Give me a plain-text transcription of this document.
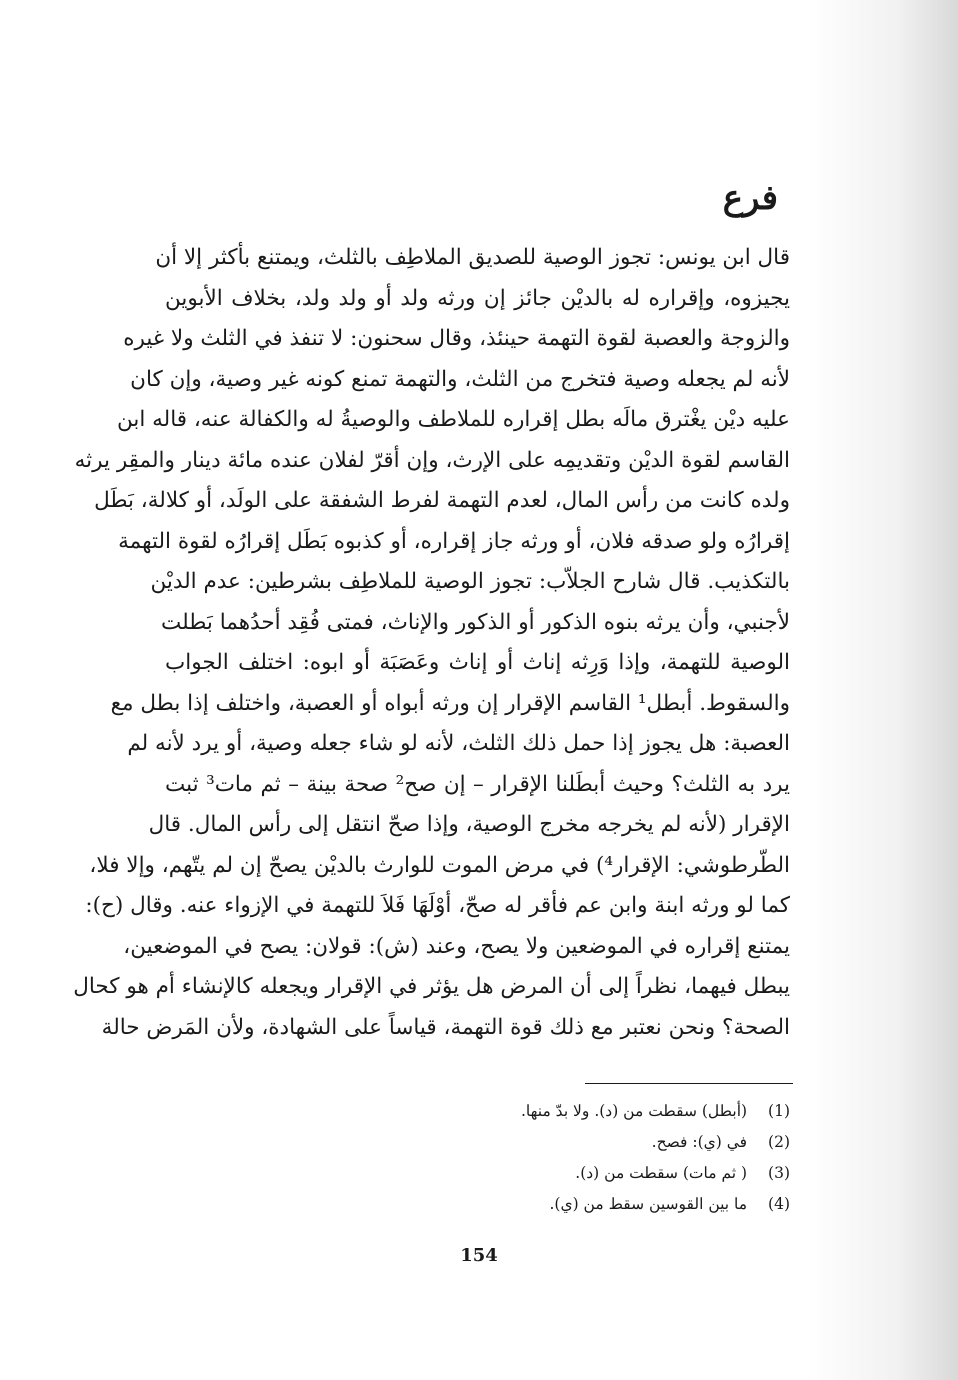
فرع
قال ابن يونس: تجوز الوصية للصديق الملاطِف بالثلث، ويمتنع بأكثر إلا أن
يجيزوه، وإقراره له بالديْن جائز إن ورثه ولد أو ولد ولد، بخلاف الأبوين
والزوجة والعصبة لقوة التهمة حينئذ، وقال سحنون: لا تنفذ في الثلث ولا غيره
لأنه لم يجعله وصية فتخرج من الثلث، والتهمة تمنع كونه غير وصية، وإن كان
عليه ديْن يغْترق مالَه بطل إقراره للملاطف والوصيةُ له والكفالة عنه، قاله ابن
القاسم لقوة الديْن وتقديمِه على الإرث، وإن أقرّ لفلان عنده مائة دينار والمقِر يرثه
ولده كانت من رأس المال، لعدم التهمة لفرط الشفقة على الولَد، أو كلالة، بَطَل
إقرارُه ولو صدقه فلان، أو ورثه جاز إقراره، أو كذبوه بَطَل إقرارُه لقوة التهمة
بالتكذيب. قال شارح الجلاّب: تجوز الوصية للملاطِف بشرطين: عدم الديْن
لأجنبي، وأن يرثه بنوه الذكور أو الذكور والإناث، فمتى فُقِد أحدُهما بَطلت
الوصية للتهمة، وإذا وَرِثه إناث أو إناث وعَصَبَة أو ابوه: اختلف الجواب
والسقوط. أبطل¹ القاسم الإقرار إن ورثه أبواه أو العصبة، واختلف إذا بطل مع
العصبة: هل يجوز إذا حمل ذلك الثلث، لأنه لو شاء جعله وصية، أو يرد لأنه لم
يرد به الثلث؟ وحيث أبطَلنا الإقرار – إن صح² صحة بينة – ثم مات³ ثبت
الإقرار (لأنه لم يخرجه مخرج الوصية، وإذا صحّ انتقل إلى رأس المال. قال
الطّرطوشي: الإقرار⁴) في مرض الموت للوارث بالديْن يصحّ إن لم يتّهم، وإلا فلا،
كما لو ورثه ابنة وابن عم فأقر له صحّ، أوْلَهَا فَلاَ للتهمة في الإزواء عنه. وقال (ح):
يمتنع إقراره في الموضعين ولا يصح، وعند (ش): قولان: يصح في الموضعين،
يبطل فيهما، نظراً إلى أن المرض هل يؤثر في الإقرار ويجعله كالإنشاء أم هو كحال
الصحة؟ ونحن نعتبر مع ذلك قوة التهمة، قياساً على الشهادة، ولأن المَرض حالة
(1) (أبطل) سقطت من (د). ولا بدّ منها.
(2) في (ي): فصح.
(3) ( ثم مات) سقطت من (د).
(4) ما بين القوسين سقط من (ي).
154
